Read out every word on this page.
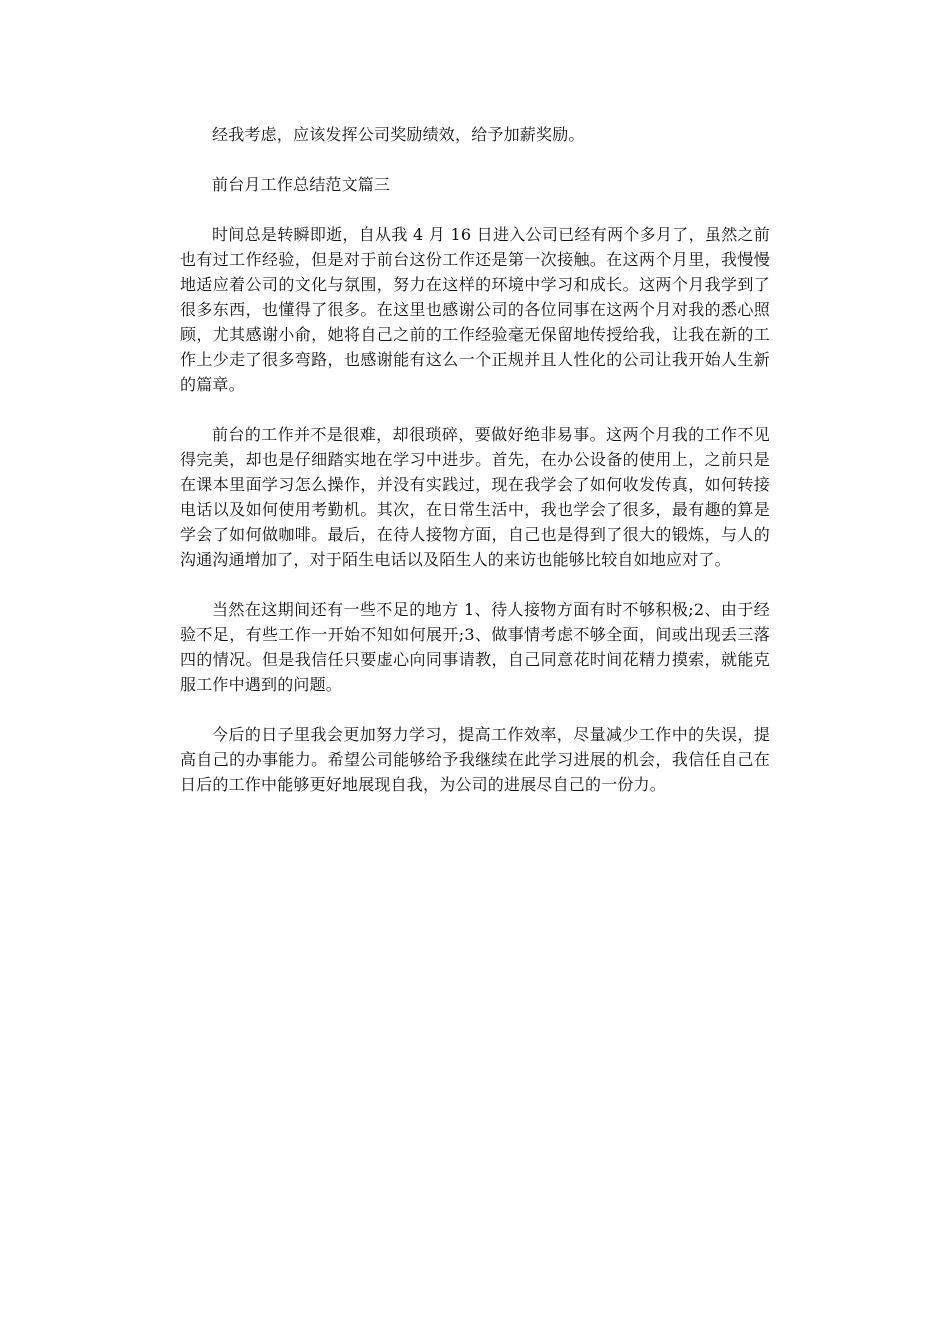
经我考虑，应该发挥公司奖励绩效，给予加薪奖励。

前台月工作总结范文篇三

时间总是转瞬即逝，自从我 4 月 16 日进入公司已经有两个多月了，虽然之前也有过工作经验，但是对于前台这份工作还是第一次接触。在这两个月里，我慢慢地适应着公司的文化与氛围，努力在这样的环境中学习和成长。这两个月我学到了很多东西，也懂得了很多。在这里也感谢公司的各位同事在这两个月对我的悉心照顾，尤其感谢小俞，她将自己之前的工作经验毫无保留地传授给我，让我在新的工作上少走了很多弯路，也感谢能有这么一个正规并且人性化的公司让我开始人生新的篇章。

前台的工作并不是很难，却很琐碎，要做好绝非易事。这两个月我的工作不见得完美，却也是仔细踏实地在学习中进步。首先，在办公设备的使用上，之前只是在课本里面学习怎么操作，并没有实践过，现在我学会了如何收发传真，如何转接电话以及如何使用考勤机。其次，在日常生活中，我也学会了很多，最有趣的算是学会了如何做咖啡。最后，在待人接物方面，自己也是得到了很大的锻炼，与人的沟通沟通增加了，对于陌生电话以及陌生人的来访也能够比较自如地应对了。

当然在这期间还有一些不足的地方 1、待人接物方面有时不够积极;2、由于经验不足，有些工作一开始不知如何展开;3、做事情考虑不够全面，间或出现丢三落四的情况。但是我信任只要虚心向同事请教，自己同意花时间花精力摸索，就能克服工作中遇到的问题。

今后的日子里我会更加努力学习，提高工作效率，尽量减少工作中的失误，提高自己的办事能力。希望公司能够给予我继续在此学习进展的机会，我信任自己在日后的工作中能够更好地展现自我，为公司的进展尽自己的一份力。
